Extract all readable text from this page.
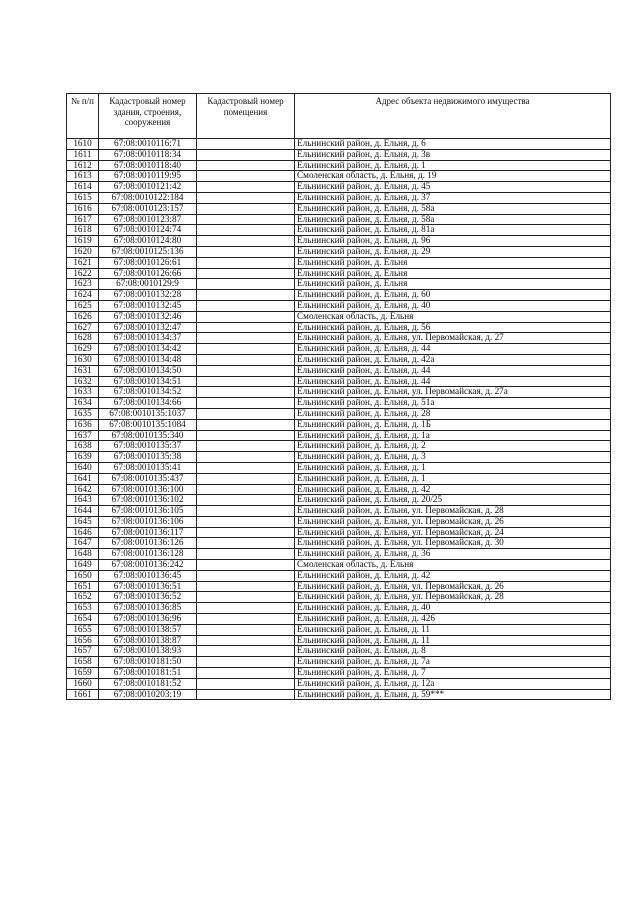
№ п/п	Кадастровый номер здания, строения, сооружения	Кадастровый номер помещения	Адрес объекта недвижимого имущества
1610	67:08:0010116:71		Ельнинский район, д. Ельня, д. 6
1611	67:08:0010118:34		Ельнинский район, д. Ельня, д. 3в
1612	67:08:0010118:40		Ельнинский район, д. Ельня, д. 1
1613	67:08:0010119:95		Смоленская область, д. Ельня, д. 19
1614	67:08:0010121:42		Ельнинский район, д. Ельня, д. 45
1615	67:08:0010122:184		Ельнинский район, д. Ельня, д. 37
1616	67:08:0010123:157		Ельнинский район, д. Ельня, д. 58а
1617	67:08:0010123:87		Ельнинский район, д. Ельня, д. 58а
1618	67:08:0010124:74		Ельнинский район, д. Ельня, д. 81а
1619	67:08:0010124:80		Ельнинский район, д. Ельня, д. 96
1620	67:08:0010125:136		Ельнинский район, д. Ельня, д. 29
1621	67:08:0010126:61		Ельнинский район, д. Ельня
1622	67:08:0010126:66		Ельнинский район, д. Ельня
1623	67:08:0010129:9		Ельнинский район, д. Ельня
1624	67:08:0010132:28		Ельнинский район, д. Ельня, д. 60
1625	67:08:0010132:45		Ельнинский район, д. Ельня, д. 40
1626	67:08:0010132:46		Смоленская область, д. Ельня
1627	67:08:0010132:47		Ельнинский район, д. Ельня, д. 56
1628	67:08:0010134:37		Ельнинский район, д. Ельня, ул. Первомайская, д. 27
1629	67:08:0010134:42		Ельнинский район, д. Ельня, д. 44
1630	67:08:0010134:48		Ельнинский район, д. Ельня, д. 42а
1631	67:08:0010134:50		Ельнинский район, д. Ельня, д. 44
1632	67:08:0010134:51		Ельнинский район, д. Ельня, д. 44
1633	67:08:0010134:52		Ельнинский район, д. Ельня, ул. Первомайская, д. 27а
1634	67:08:0010134:66		Ельнинский район, д. Ельня, д. 51а
1635	67:08:0010135:1037		Ельнинский район, д. Ельня, д. 28
1636	67:08:0010135:1084		Ельнинский район, д. Ельня, д. 1Б
1637	67:08:0010135:340		Ельнинский район, д. Ельня, д. 1а
1638	67:08:0010135:37		Ельнинский район, д. Ельня, д. 2
1639	67:08:0010135:38		Ельнинский район, д. Ельня, д. 3
1640	67:08:0010135:41		Ельнинский район, д. Ельня, д. 1
1641	67:08:0010135:437		Ельнинский район, д. Ельня, д. 1
1642	67:08:0010136:100		Ельнинский район, д. Ельня, д. 42
1643	67:08:0010136:102		Ельнинский район, д. Ельня, д. 20/25
1644	67:08:0010136:105		Ельнинский район, д. Ельня, ул. Первомайская, д. 28
1645	67:08:0010136:106		Ельнинский район, д. Ельня, ул. Первомайская, д. 26
1646	67:08:0010136:117		Ельнинский район, д. Ельня, ул. Первомайская, д. 24
1647	67:08:0010136:126		Ельнинский район, д. Ельня, ул. Первомайская, д. 30
1648	67:08:0010136:128		Ельнинский район, д. Ельня, д. 36
1649	67:08:0010136:242		Смоленская область, д. Ельня
1650	67:08:0010136:45		Ельнинский район, д. Ельня, д. 42
1651	67:08:0010136:51		Ельнинский район, д. Ельня, ул. Первомайская, д. 26
1652	67:08:0010136:52		Ельнинский район, д. Ельня, ул. Первомайская, д. 28
1653	67:08:0010136:85		Ельнинский район, д. Ельня, д. 40
1654	67:08:0010136:96		Ельнинский район, д. Ельня, д. 426
1655	67:08:0010138:57		Ельнинский район, д. Ельня, д. 11
1656	67:08:0010138:87		Ельнинский район, д. Ельня, д. 11
1657	67:08:0010138:93		Ельнинский район, д. Ельня, д. 8
1658	67:08:0010181:50		Ельнинский район, д. Ельня, д. 7а
1659	67:08:0010181:51		Ельнинский район, д. Ельня, д. 7
1660	67:08:0010181:52		Ельнинский район, д. Ельня, д. 12а
1661	67:08:0010203:19		Ельнинский район, д. Ельня, д. 59***
